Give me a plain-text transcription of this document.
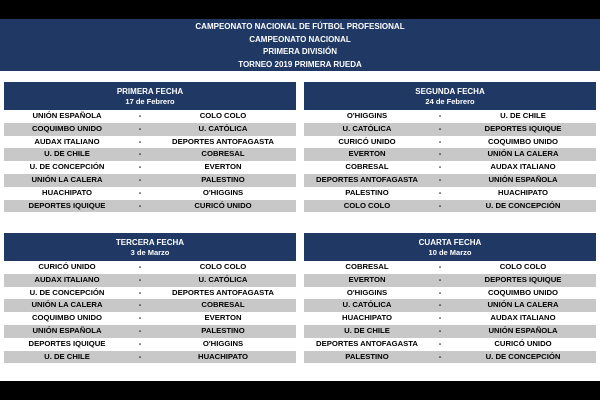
CAMPEONATO NACIONAL DE FÚTBOL PROFESIONAL
CAMPEONATO NACIONAL
PRIMERA DIVISIÓN
TORNEO 2019 PRIMERA RUEDA
PRIMERA FECHA
17 de Febrero
UNIÓN ESPAÑOLA	-	COLO COLO
COQUIMBO UNIDO	-	U. CATÓLICA
AUDAX ITALIANO	-	DEPORTES ANTOFAGASTA
U. DE CHILE	-	COBRESAL
U. DE CONCEPCIÓN	-	EVERTON
UNIÓN LA CALERA	-	PALESTINO
HUACHIPATO	-	O'HIGGINS
DEPORTES IQUIQUE	-	CURICÓ UNIDO
SEGUNDA FECHA
24 de Febrero
O'HIGGINS	-	U. DE CHILE
U. CATÓLICA	-	DEPORTES IQUIQUE
CURICÓ UNIDO	-	COQUIMBO UNIDO
EVERTON	-	UNIÓN LA CALERA
COBRESAL	-	AUDAX ITALIANO
DEPORTES ANTOFAGASTA	-	UNIÓN ESPAÑOLA
PALESTINO	-	HUACHIPATO
COLO COLO	-	U. DE CONCEPCIÓN
TERCERA FECHA
3 de Marzo
CURICÓ UNIDO	-	COLO COLO
AUDAX ITALIANO	-	U. CATÓLICA
U. DE CONCEPCIÓN	-	DEPORTES ANTOFAGASTA
UNIÓN LA CALERA	-	COBRESAL
COQUIMBO UNIDO	-	EVERTON
UNIÓN ESPAÑOLA	-	PALESTINO
DEPORTES IQUIQUE	-	O'HIGGINS
U. DE CHILE	-	HUACHIPATO
CUARTA FECHA
10 de Marzo
COBRESAL	-	COLO COLO
EVERTON	-	DEPORTES IQUIQUE
O'HIGGINS	-	COQUIMBO UNIDO
U. CATÓLICA	-	UNIÓN LA CALERA
HUACHIPATO	-	AUDAX ITALIANO
U. DE CHILE	-	UNIÓN ESPAÑOLA
DEPORTES ANTOFAGASTA	-	CURICÓ UNIDO
PALESTINO	-	U. DE CONCEPCIÓN
